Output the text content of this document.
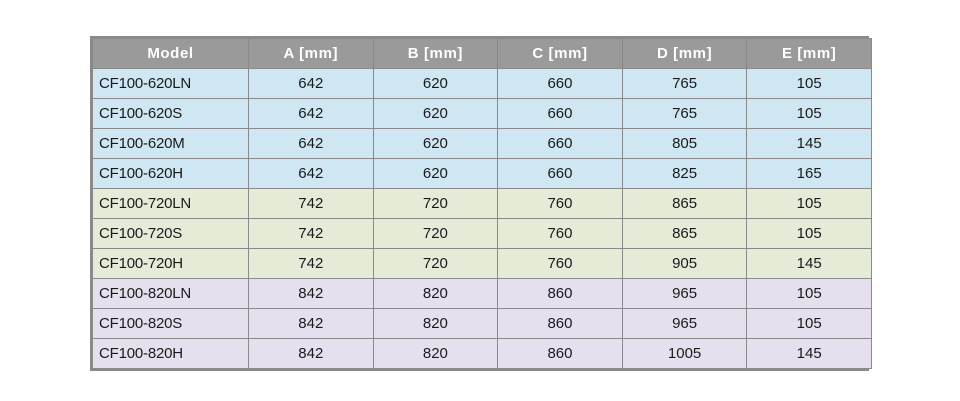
Model	A [mm]	B [mm]	C [mm]	D [mm]	E [mm]
CF100-620LN	642	620	660	765	105
CF100-620S	642	620	660	765	105
CF100-620M	642	620	660	805	145
CF100-620H	642	620	660	825	165
CF100-720LN	742	720	760	865	105
CF100-720S	742	720	760	865	105
CF100-720H	742	720	760	905	145
CF100-820LN	842	820	860	965	105
CF100-820S	842	820	860	965	105
CF100-820H	842	820	860	1005	145
